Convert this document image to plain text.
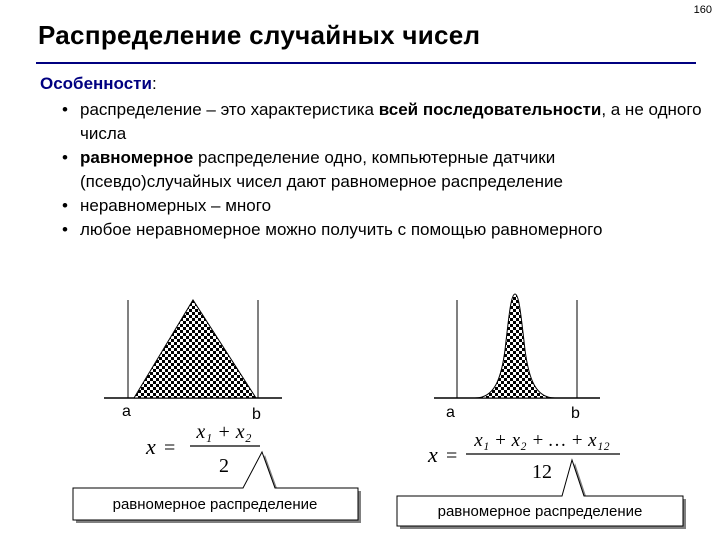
160
Распределение случайных чисел
Особенности:
• распределение – это характеристика всей последовательности, а не одного числа
• равномерное распределение одно, компьютерные датчики (псевдо)случайных чисел дают равномерное распределение
• неравномерных – много
• любое неравномерное можно получить с помощью равномерного
a	b
x =
x₁ + x₂
2
равномерное распределение
a	b
x =
x₁ + x₂ + … + x₁₂
12
равномерное распределение
